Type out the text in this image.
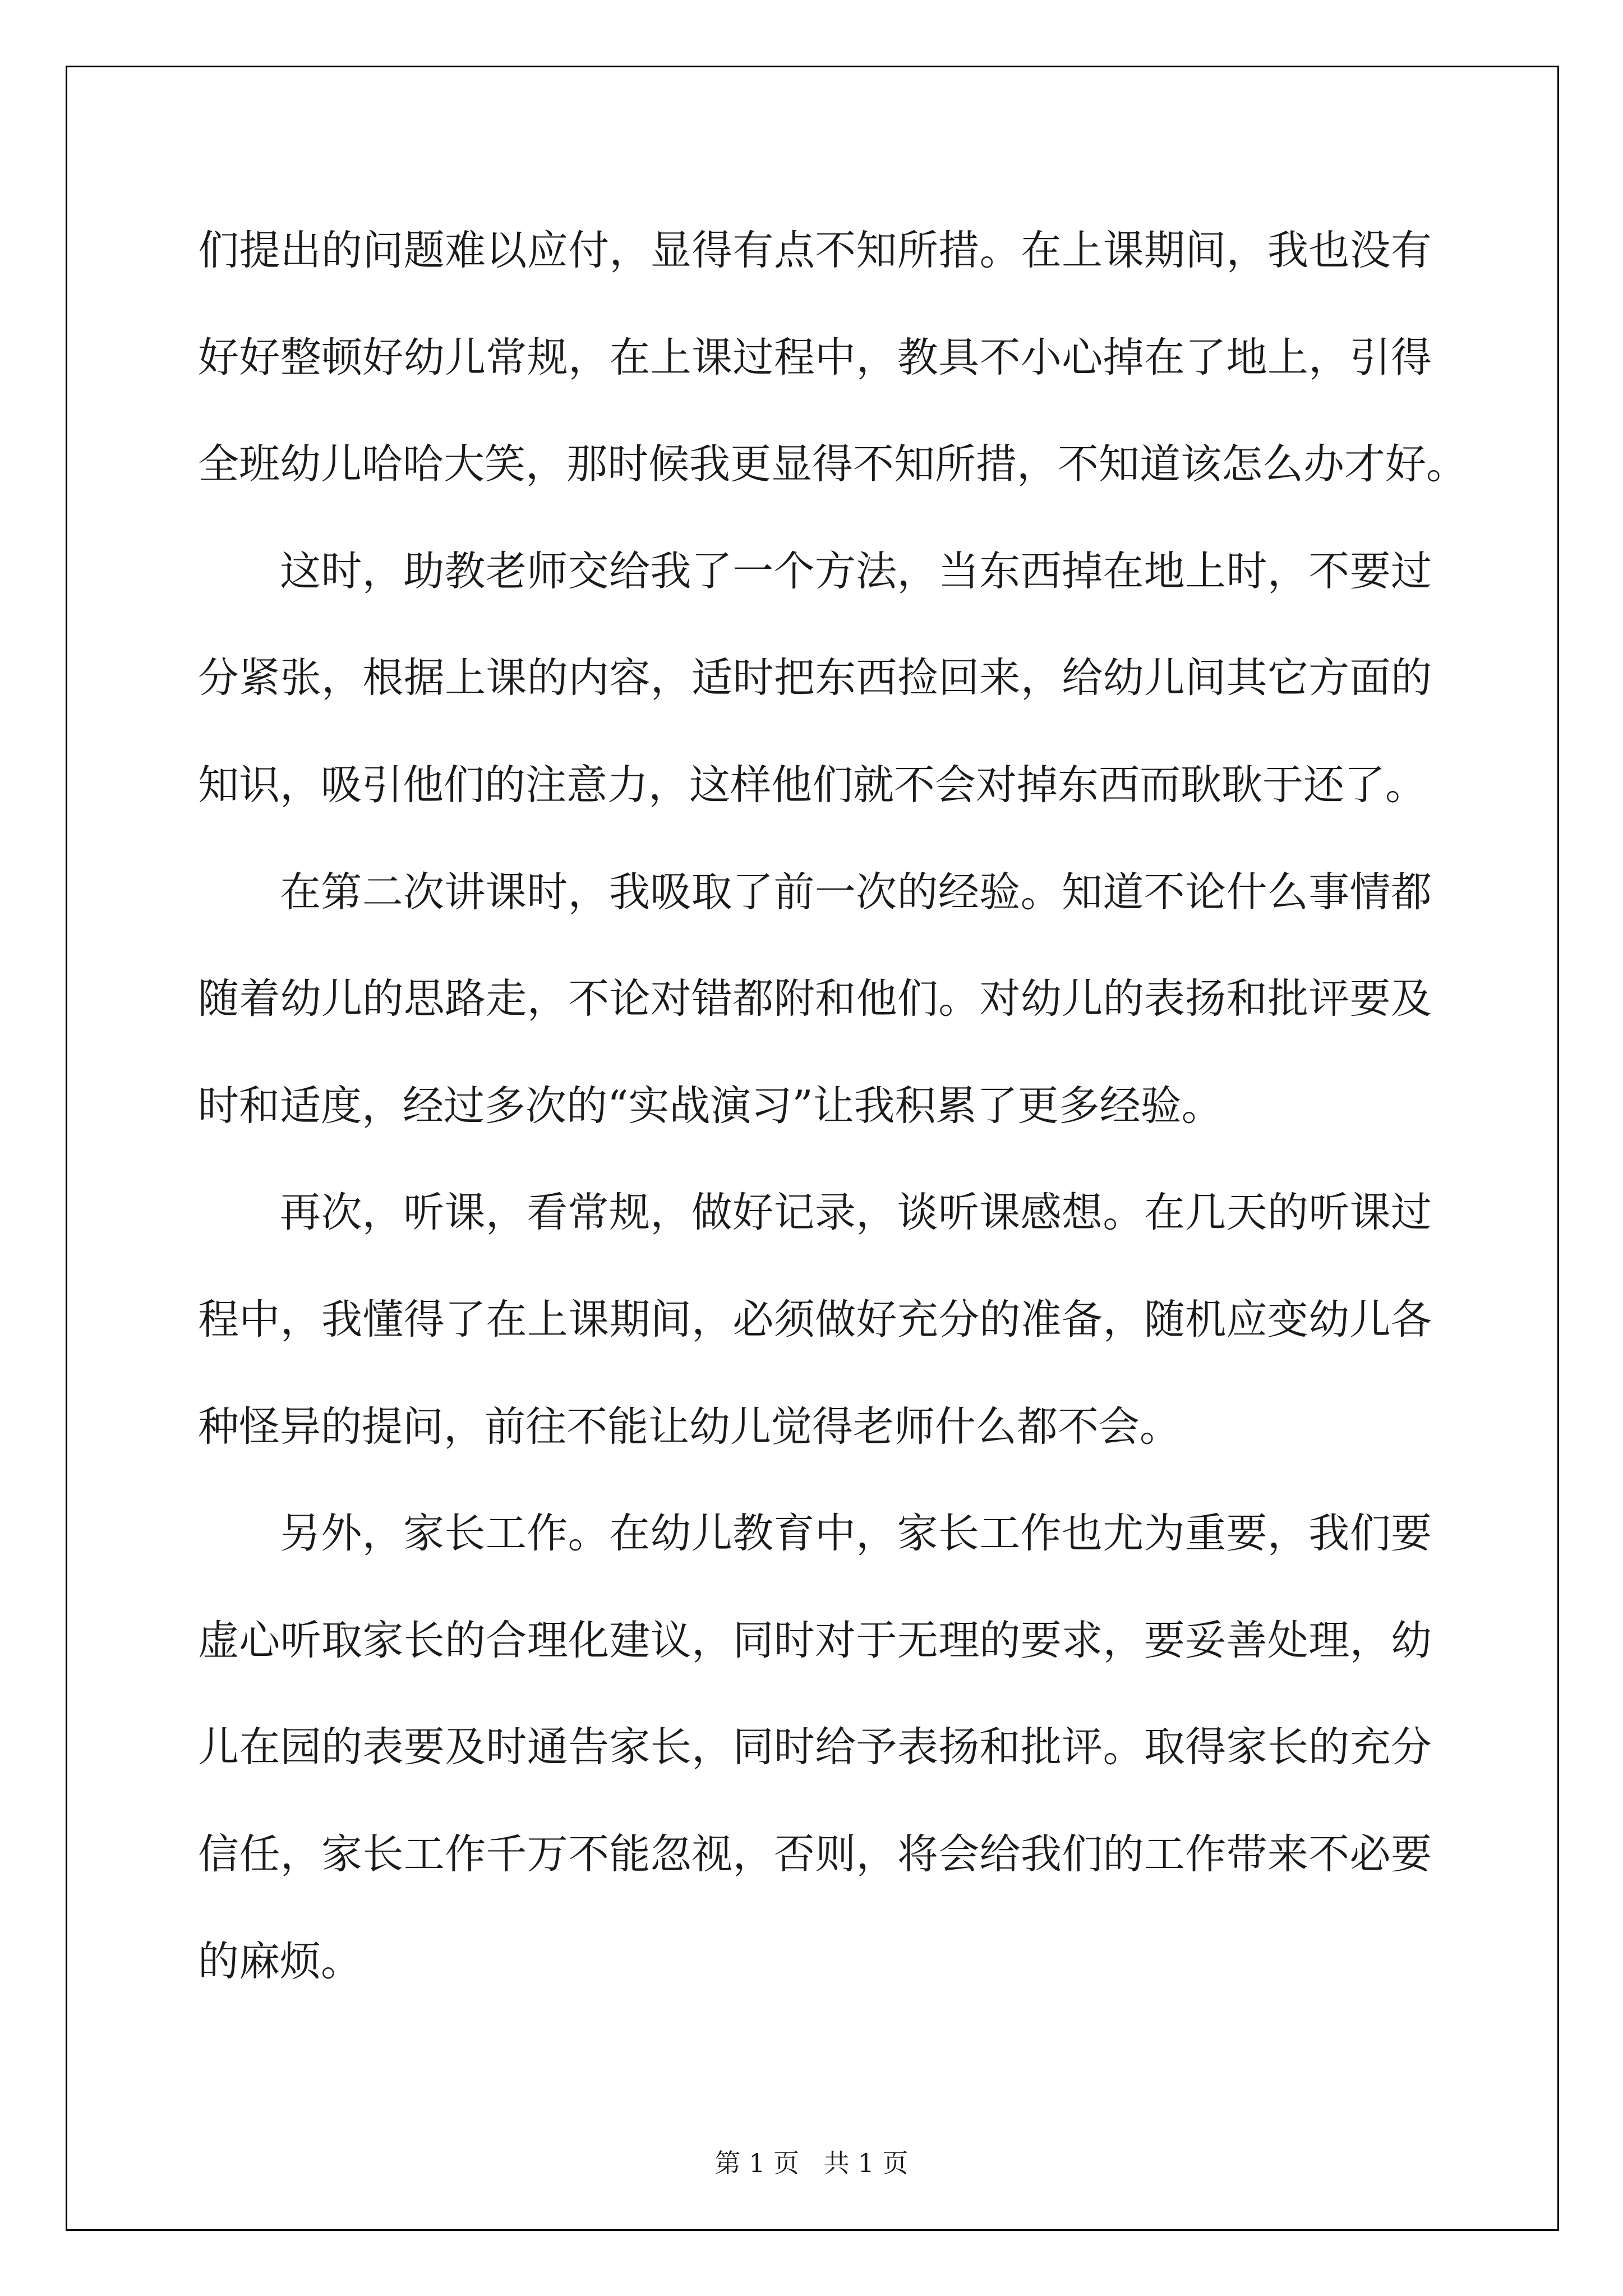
们提出的问题难以应付，显得有点不知所措。在上课期间，我也没有
好好整顿好幼儿常规，在上课过程中，教具不小心掉在了地上，引得
全班幼儿哈哈大笑，那时候我更显得不知所措，不知道该怎么办才好。
这时，助教老师交给我了一个方法，当东西掉在地上时，不要过
分紧张，根据上课的内容，适时把东西捡回来，给幼儿间其它方面的
知识，吸引他们的注意力，这样他们就不会对掉东西而耿耿于还了。
在第二次讲课时，我吸取了前一次的经验。知道不论什么事情都
随着幼儿的思路走，不论对错都附和他们。对幼儿的表扬和批评要及
时和适度，经过多次的“实战演习”让我积累了更多经验。
再次，听课，看常规，做好记录，谈听课感想。在几天的听课过
程中，我懂得了在上课期间，必须做好充分的准备，随机应变幼儿各
种怪异的提问，前往不能让幼儿觉得老师什么都不会。
另外，家长工作。在幼儿教育中，家长工作也尤为重要，我们要
虚心听取家长的合理化建议，同时对于无理的要求，要妥善处理，幼
儿在园的表要及时通告家长，同时给予表扬和批评。取得家长的充分
信任，家长工作千万不能忽视，否则，将会给我们的工作带来不必要
的麻烦。
第 1 页   共 1 页
